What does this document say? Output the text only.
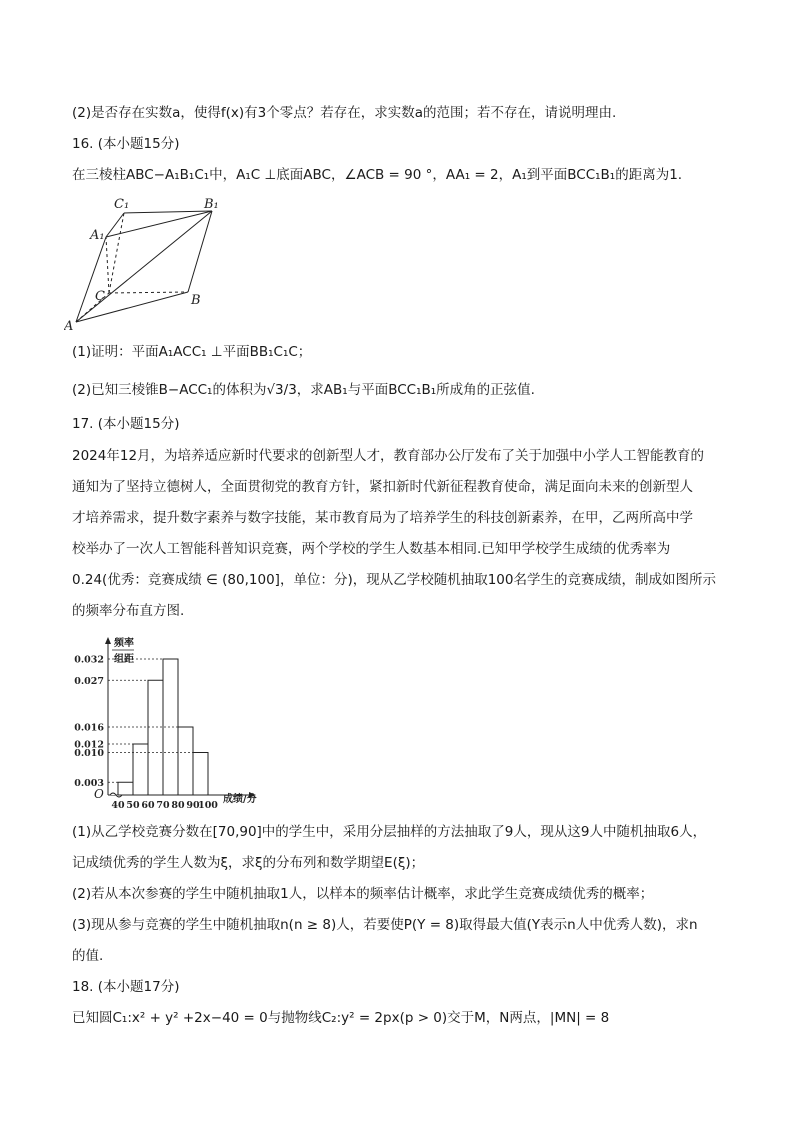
(2)是否存在实数a，使得f(x)有3个零点？若存在，求实数a的范围；若不存在，请说明理由.
16. (本小题15分)
在三棱柱ABC−A₁B₁C₁中，A₁C ⊥底面ABC，∠ACB = 90 °，AA₁ = 2，A₁到平面BCC₁B₁的距离为1.
A
B
C
A₁
B₁
C₁
(1)证明：平面A₁ACC₁ ⊥平面BB₁C₁C；
(2)已知三棱锥B−ACC₁的体积为√3/3，求AB₁与平面BCC₁B₁所成角的正弦值.
17. (本小题15分)
2024年12月，为培养适应新时代要求的创新型人才，教育部办公厅发布了关于加强中小学人工智能教育的
通知为了坚持立德树人，全面贯彻党的教育方针，紧扣新时代新征程教育使命，满足面向未来的创新型人
才培养需求，提升数字素养与数字技能，某市教育局为了培养学生的科技创新素养，在甲，乙两所高中学
校举办了一次人工智能科普知识竞赛，两个学校的学生人数基本相同.已知甲学校学生成绩的优秀率为
0.24(优秀：竞赛成绩 ∈ (80,100]，单位：分)，现从乙学校随机抽取100名学生的竞赛成绩，制成如图所示
的频率分布直方图.
0.032
0.027
0.016
0.012
0.010
0.003
40 50 60 70 80 90
100
频率
组距
成绩/分
O
(1)从乙学校竞赛分数在[70,90]中的学生中，采用分层抽样的方法抽取了9人，现从这9人中随机抽取6人，
记成绩优秀的学生人数为ξ，求ξ的分布列和数学期望E(ξ)；
(2)若从本次参赛的学生中随机抽取1人，以样本的频率估计概率，求此学生竞赛成绩优秀的概率；
(3)现从参与竞赛的学生中随机抽取n(n ≥ 8)人，若要使P(Y = 8)取得最大值(Y表示n人中优秀人数)，求n
的值.
18. (本小题17分)
已知圆C₁:x² + y² +2x−40 = 0与抛物线C₂:y² = 2px(p > 0)交于M，N两点，|MN| = 8
